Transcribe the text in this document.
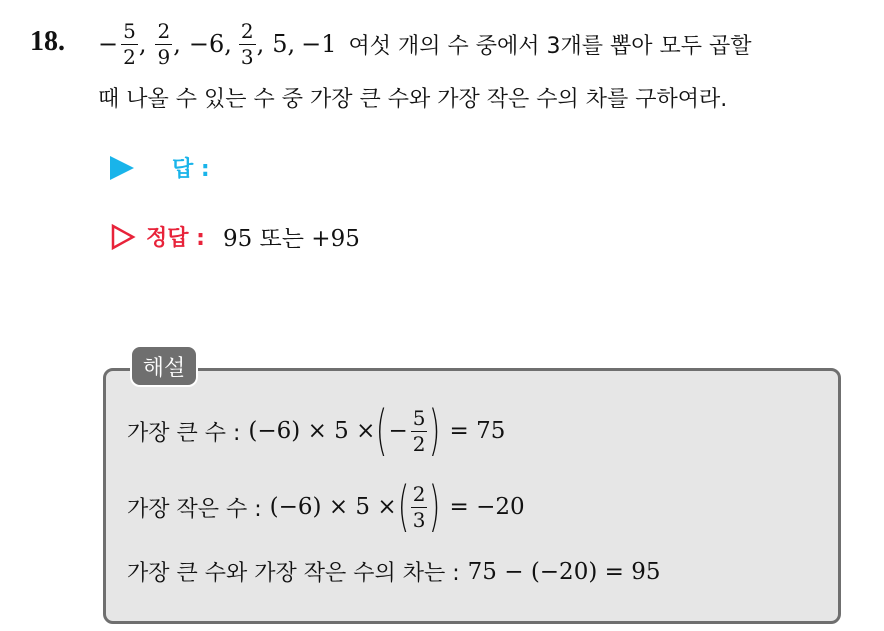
18. − $\frac{5}{2}$ , $\frac{2}{9}$ , −6, $\frac{2}{3}$ , 5, −1 여섯 개의 수 중에서 3개를 뽑아 모두 곱할
때 나올 수 있는 수 중 가장 큰 수와 가장 작은 수의 차를 구하여라.
답 :
정답 : 95 또는 +95
해설
가장 큰 수 : (−6) × 5 × ( − $\frac{5}{2}$ ) = 75
가장 작은 수 : (−6) × 5 × ( $\frac{2}{3}$ ) = −20
가장 큰 수와 가장 작은 수의 차는 : 75 − (−20) = 95
